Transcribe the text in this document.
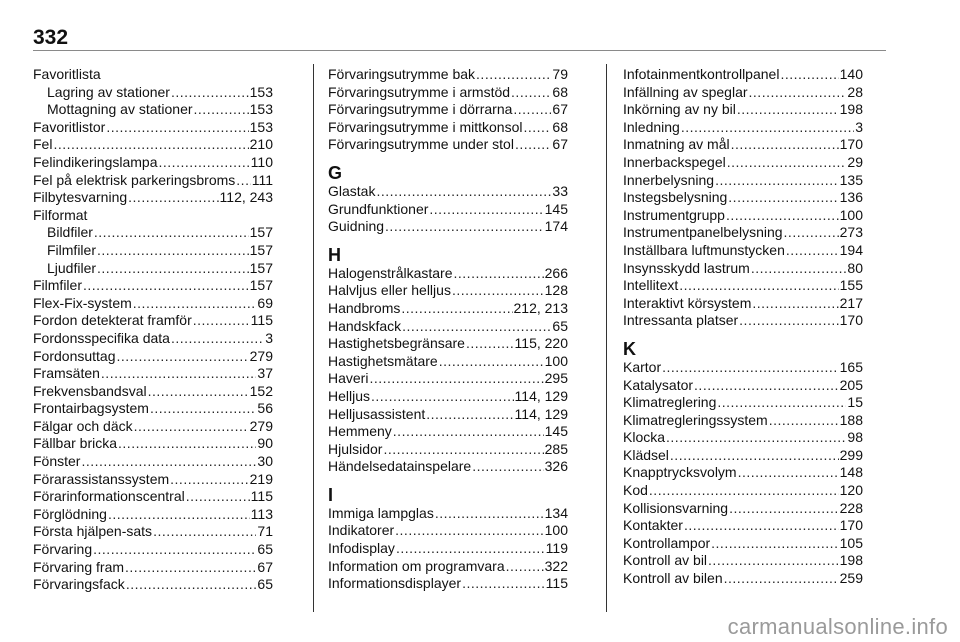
332
Favoritlista
Lagring av stationer .....	153
Mottagning av stationer .....	153
Favoritlistor .....	153
Fel .....	210
Felindikeringslampa .....	110
Fel på elektrisk parkeringsbroms ..... 111
Filbytesvarning .....	112, 243
Filformat
Bildfiler .....	157
Filmfiler .....	157
Ljudfiler .....	157
Filmfiler .....	157
Flex-Fix-system .....	69
Fordon detekterat framför .....	115
Fordonsspecifika data .....	3
Fordonsuttag .....	279
Framsäten .....	37
Frekvensbandsval .....	152
Frontairbagsystem .....	56
Fälgar och däck .....	279
Fällbar bricka .....	90
Fönster .....	30
Förarassistanssystem .....	219
Förarinformationscentral .....	115
Förglödning .....	113
Första hjälpen-sats .....	71
Förvaring .....	65
Förvaring fram .....	67
Förvaringsfack .....	65
Förvaringsutrymme bak .....	79
Förvaringsutrymme i armstöd .....	68
Förvaringsutrymme i dörrarna .....	67
Förvaringsutrymme i mittkonsol ..... 68
Förvaringsutrymme under stol .....	67
G
Glastak .....	33
Grundfunktioner .....	145
Guidning .....	174
H
Halogenstrålkastare .....	266
Halvljus eller helljus .....	128
Handbroms .....	212, 213
Handskfack .....	65
Hastighetsbegränsare .....	115, 220
Hastighetsmätare .....	100
Haveri .....	295
Helljus .....	114, 129
Helljusassistent .....	114, 129
Hemmeny .....	145
Hjulsidor .....	285
Händelsedatainspelare .....	326
I
Immiga lampglas .....	134
Indikatorer .....	100
Infodisplay .....	119
Information om programvara .....	322
Informationsdisplayer .....	115
Infotainmentkontrollpanel .....	140
Infällning av speglar .....	28
Inkörning av ny bil .....	198
Inledning .....	3
Inmatning av mål .....	170
Innerbackspegel .....	29
Innerbelysning .....	135
Instegsbelysning .....	136
Instrumentgrupp .....	100
Instrumentpanelbelysning .....	273
Inställbara luftmunstycken .....	194
Insynsskydd lastrum .....	80
Intellitext .....	155
Interaktivt körsystem .....	217
Intressanta platser .....	170
K
Kartor .....	165
Katalysator .....	205
Klimatreglering .....	15
Klimatregleringssystem .....	188
Klocka .....	98
Klädsel .....	299
Knapptrycksvolym .....	148
Kod .....	120
Kollisionsvarning .....	228
Kontakter .....	170
Kontrollampor .....	105
Kontroll av bil .....	198
Kontroll av bilen .....	259
carmanualsonline.info
